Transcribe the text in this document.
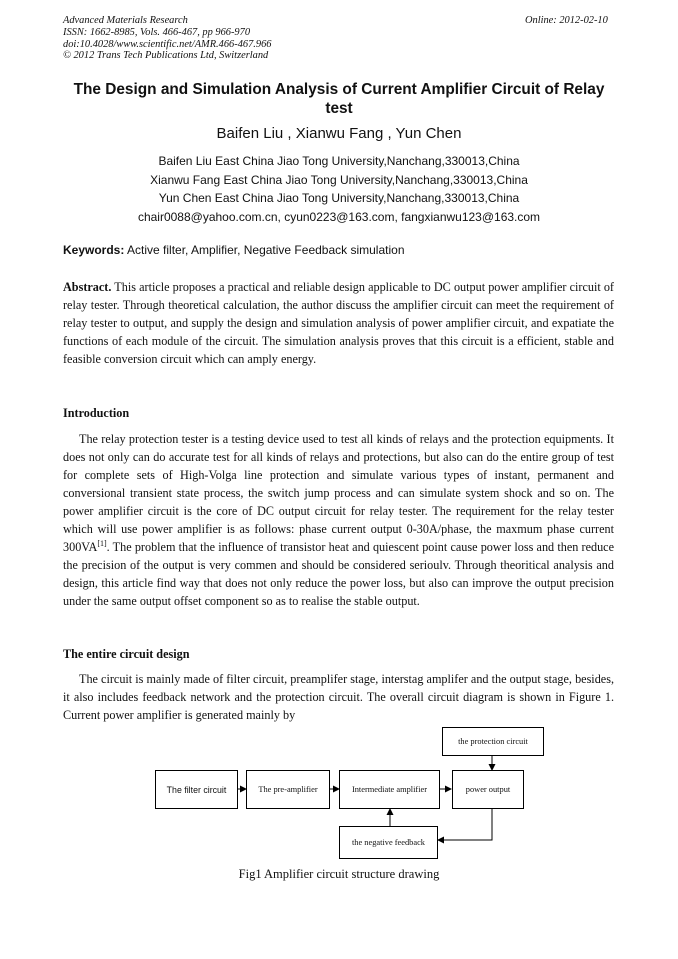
Advanced Materials Research
ISSN: 1662-8985, Vols. 466-467, pp 966-970
doi:10.4028/www.scientific.net/AMR.466-467.966
© 2012 Trans Tech Publications Ltd, Switzerland
Online: 2012-02-10
The Design and Simulation Analysis of Current Amplifier Circuit of Relay
test
Baifen Liu , Xianwu Fang , Yun Chen
Baifen Liu East China Jiao Tong University,Nanchang,330013,China
Xianwu Fang East China Jiao Tong University,Nanchang,330013,China
Yun Chen East China Jiao Tong University,Nanchang,330013,China
chair0088@yahoo.com.cn, cyun0223@163.com, fangxianwu123@163.com
Keywords: Active filter, Amplifier, Negative Feedback simulation

Abstract. This article proposes a practical and reliable design applicable to DC output power amplifier circuit of relay tester. Through theoretical calculation, the author discuss the amplifier circuit can meet the requirement of relay tester to output, and supply the design and simulation analysis of power amplifier circuit, and expatiate the functions of each module of the circuit. The simulation analysis proves that this circuit is a efficient, stable and feasible conversion circuit which can amply energy.

Introduction

The relay protection tester is a testing device used to test all kinds of relays and the protection equipments. It does not only can do accurate test for all kinds of relays and protections, but also can do the entire group of test for complete sets of High-Volga line protection and simulate various types of instant, permanent and conversional transient state process, the switch jump process and can simulate system shock and so on. The power amplifier circuit is the core of DC output circuit for relay tester. The requirement for the relay tester which will use power amplifier is as follows: phase current output 0-30A/phase, the maxmum phase current 300VA[1]. The problem that the influence of transistor heat and quiescent point cause power loss and then reduce the precision of the output is very commen and should be considered serioulv. Through theoritical analysis and design, this article find way that does not only reduce the power loss, but also can improve the output precision under the same output offset component so as to realise the stable output.

The entire circuit design

The circuit is mainly made of filter circuit, preamplifer stage, interstag amplifer and the output stage, besides, it also includes feedback network and the protection circuit. The overall circuit diagram is shown in Figure 1. Current power amplifier is generated mainly by

The filter circuit	The pre-amplifier	Intermediate amplifier	power output
the protection circuit
the negative feedback
Fig1 Amplifier circuit structure drawing
